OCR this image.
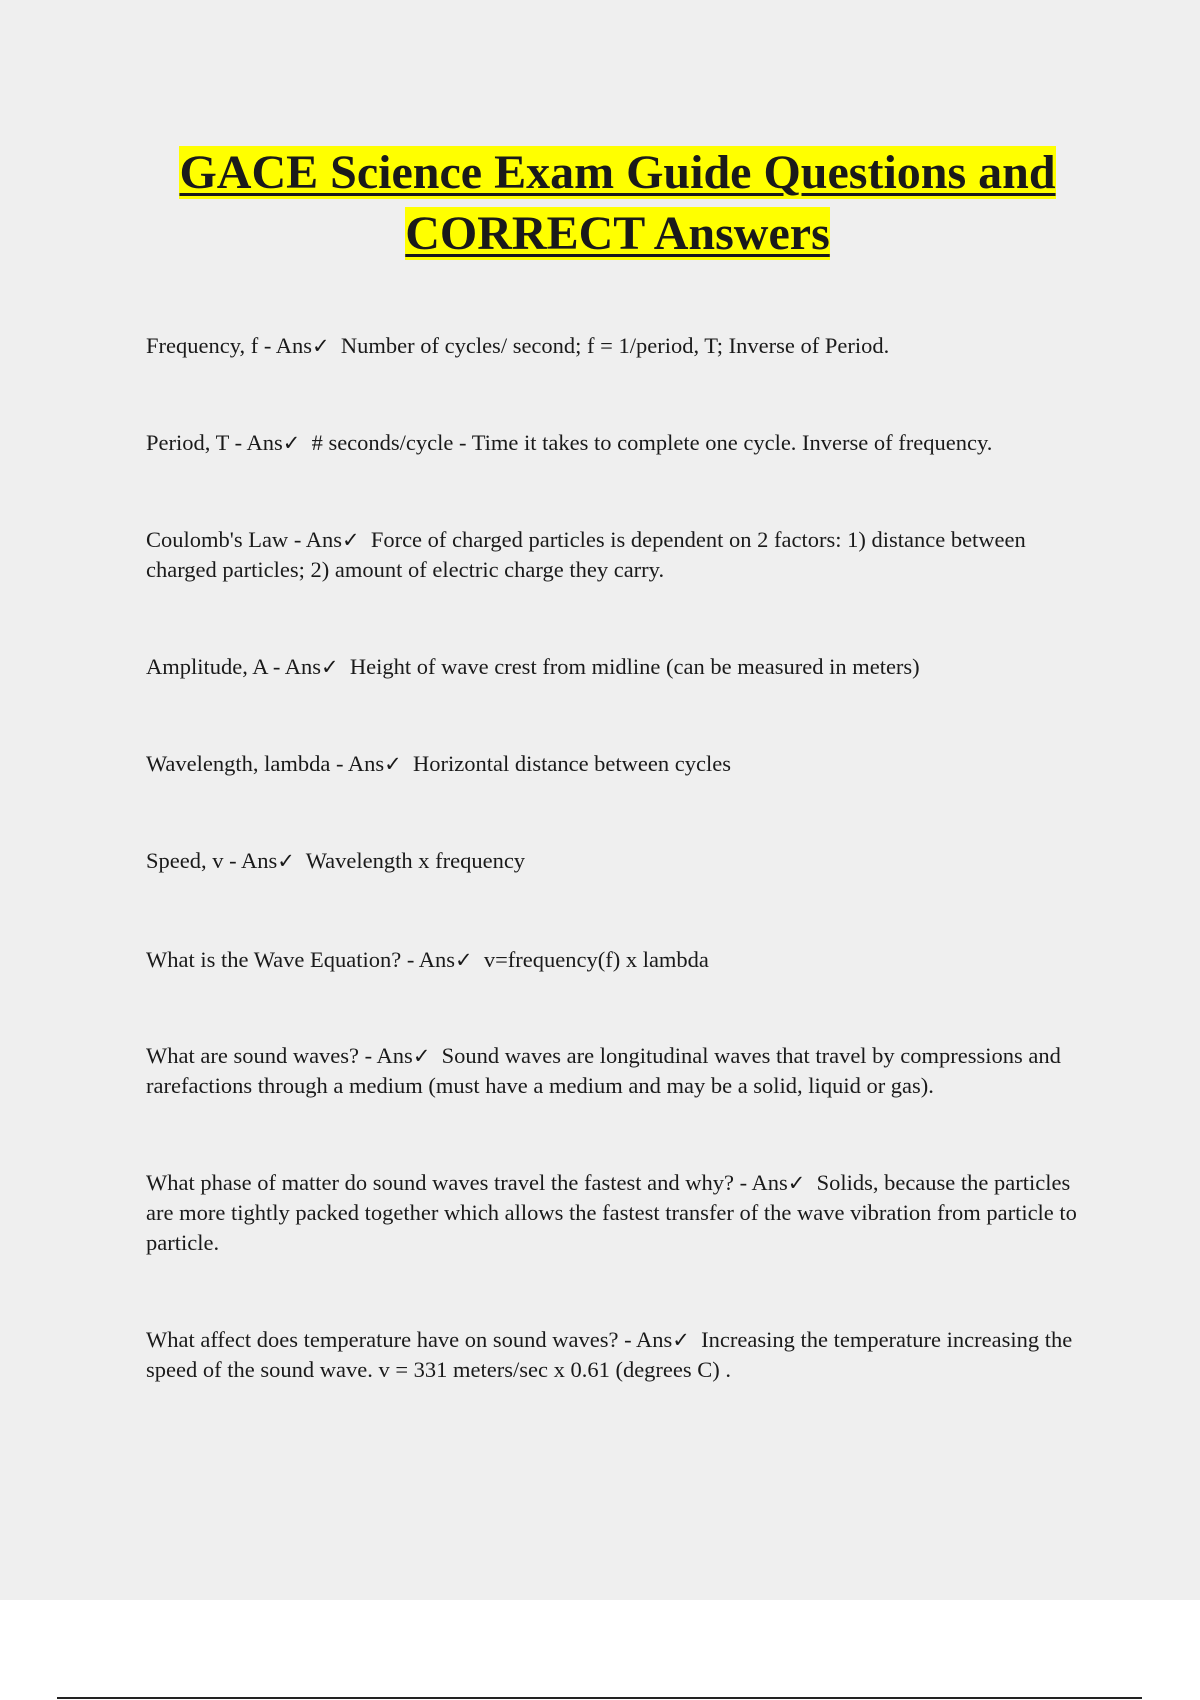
GACE Science Exam Guide Questions and
CORRECT Answers

Frequency, f - Ans✓ Number of cycles/ second; f = 1/period, T; Inverse of Period.

Period, T - Ans✓ # seconds/cycle - Time it takes to complete one cycle. Inverse of frequency.

Coulomb's Law - Ans✓ Force of charged particles is dependent on 2 factors: 1) distance between charged particles; 2) amount of electric charge they carry.

Amplitude, A - Ans✓ Height of wave crest from midline (can be measured in meters)

Wavelength, lambda - Ans✓ Horizontal distance between cycles

Speed, v - Ans✓ Wavelength x frequency

What is the Wave Equation? - Ans✓ v=frequency(f) x lambda

What are sound waves? - Ans✓ Sound waves are longitudinal waves that travel by compressions and rarefactions through a medium (must have a medium and may be a solid, liquid or gas).

What phase of matter do sound waves travel the fastest and why? - Ans✓ Solids, because the particles are more tightly packed together which allows the fastest transfer of the wave vibration from particle to particle.

What affect does temperature have on sound waves? - Ans✓ Increasing the temperature increasing the speed of the sound wave. v = 331 meters/sec x 0.61 (degrees C) .
